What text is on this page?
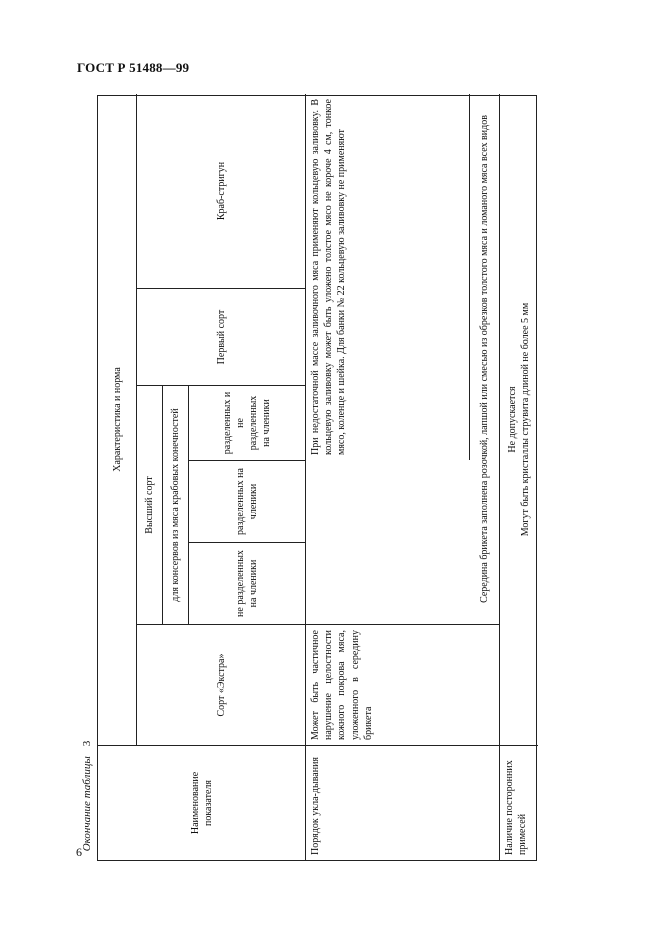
ГОСТ Р 51488—99
Окончание таблицы
3
Наименование показателя
Характеристика и норма
Сорт «Экстра»
Высший сорт
Первый сорт
Краб-стригун
для консервов из мяса крабовых конечностей	не разделенных на членики
разделенных на членики
разделенных и не разделенных на членики
Порядок укла-дывания
Может быть частичное нарушение целостности кожного покрова мяса, уложенного в середину брикета
При недостаточной массе заливочного мяса применяют кольцевую заливовку. В кольцевую заливовку может быть уложено толстое мясо не короче 4 см, тонкое мясо, коленце и шейка. Для банки № 22 кольцевую заливовку не применяют	Середина брикета заполнена розочкой, лапшой или смесью из обрезков толстого мяса и ломаного мяса всех видов
Наличие посторонних примесей
Не допускается Могут быть кристаллы струвита длиной не более 5 мм
6
